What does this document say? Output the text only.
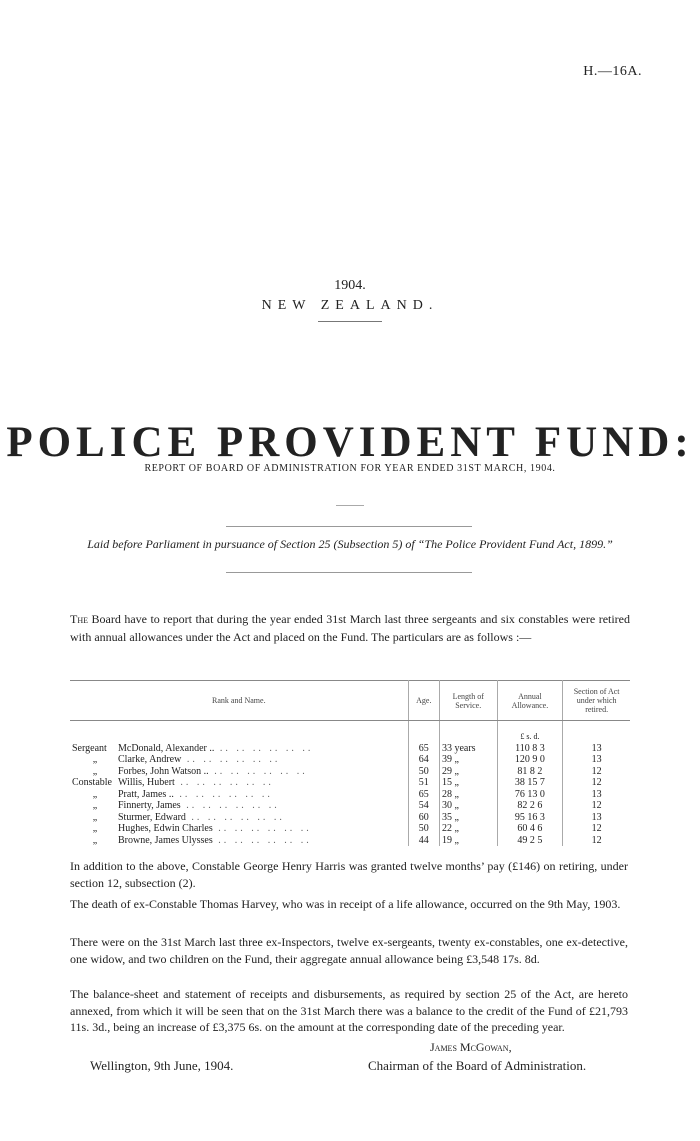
H.—16A.
1904.
NEW ZEALAND.
POLICE PROVIDENT FUND:
REPORT OF BOARD OF ADMINISTRATION FOR YEAR ENDED 31ST MARCH, 1904.
Laid before Parliament in pursuance of Section 25 (Subsection 5) of “The Police Provident Fund Act, 1899.”
The Board have to report that during the year ended 31st March last three sergeants and six constables were retired with annual allowances under the Act and placed on the Fund. The particulars are as follows :—
Rank and Name.	Age.	Length of Service.	Annual Allowance.	Section of Act under which retired.
			£ s. d.	
Sergeant McDonald, Alexander .. .. .. .. .. .. ..	65	33 years	110 8 3	13
„ Clarke, Andrew .. .. .. .. .. ..	64	39 „	120 9 0	13
„ Forbes, John Watson .. .. .. .. .. .. ..	50	29 „	81 8 2	12
Constable Willis, Hubert .. .. .. .. .. ..	51	15 „	38 15 7	12
„ Pratt, James .. .. .. .. .. .. ..	65	28 „	76 13 0	13
„ Finnerty, James .. .. .. .. .. ..	54	30 „	82 2 6	12
„ Sturmer, Edward .. .. .. .. .. ..	60	35 „	95 16 3	13
„ Hughes, Edwin Charles .. .. .. .. .. ..	50	22 „	60 4 6	12
„ Browne, James Ulysses .. .. .. .. .. ..	44	19 „	49 2 5	12
In addition to the above, Constable George Henry Harris was granted twelve months’ pay (£146) on retiring, under section 12, subsection (2).
The death of ex-Constable Thomas Harvey, who was in receipt of a life allowance, occurred on the 9th May, 1903.
There were on the 31st March last three ex-Inspectors, twelve ex-sergeants, twenty ex-constables, one ex-detective, one widow, and two children on the Fund, their aggregate annual allowance being £3,548 17s. 8d.
The balance-sheet and statement of receipts and disbursements, as required by section 25 of the Act, are hereto annexed, from which it will be seen that on the 31st March there was a balance to the credit of the Fund of £21,793 11s. 3d., being an increase of £3,375 6s. on the amount at the corresponding date of the preceding year.
James McGowan,
Wellington, 9th June, 1904.	Chairman of the Board of Administration.
